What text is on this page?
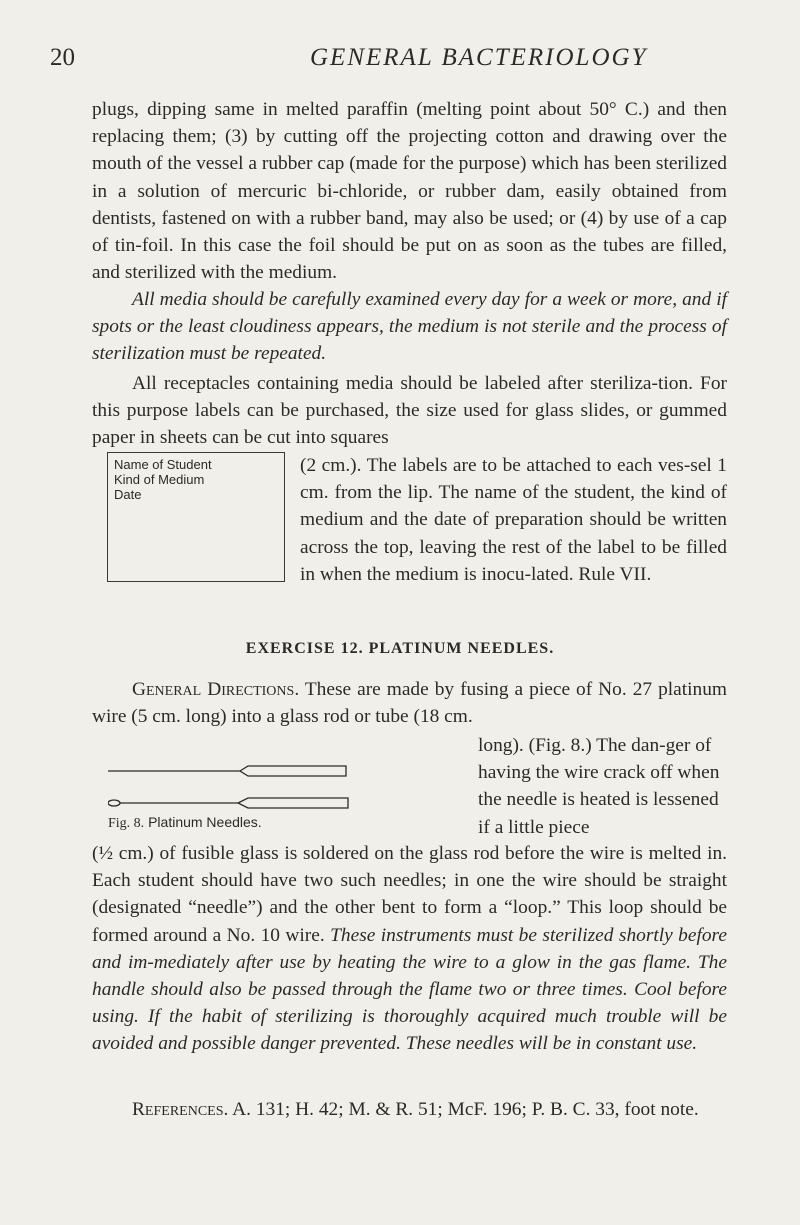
20	GENERAL BACTERIOLOGY

plugs, dipping same in melted paraffin (melting point about 50° C.) and then replacing them; (3) by cutting off the projecting cotton and drawing over the mouth of the vessel a rubber cap (made for the purpose) which has been sterilized in a solution of mercuric bi-chloride, or rubber dam, easily obtained from dentists, fastened on with a rubber band, may also be used; or (4) by use of a cap of tin-foil. In this case the foil should be put on as soon as the tubes are filled, and sterilized with the medium.

All media should be carefully examined every day for a week or more, and if spots or the least cloudiness appears, the medium is not sterile and the process of sterilization must be repeated.

All receptacles containing media should be labeled after steriliza-tion. For this purpose labels can be purchased, the size used for glass slides, or gummed paper in sheets can be cut into squares

Name of Student
Kind of Medium
Date

(2 cm.). The labels are to be attached to each ves-sel 1 cm. from the lip. The name of the student, the kind of medium and the date of preparation should be written across the top, leaving the rest of the label to be filled in when the medium is inocu-lated. Rule VII.

EXERCISE 12. PLATINUM NEEDLES.

General Directions. These are made by fusing a piece of No. 27 platinum wire (5 cm. long) into a glass rod or tube (18 cm.

long). (Fig. 8.) The dan-ger of having the wire crack off when the needle is heated is lessened if a little piece

Fig. 8. Platinum Needles.

(½ cm.) of fusible glass is soldered on the glass rod before the wire is melted in. Each student should have two such needles; in one the wire should be straight (designated “needle”) and the other bent to form a “loop.” This loop should be formed around a No. 10 wire. These instruments must be sterilized shortly before and im-mediately after use by heating the wire to a glow in the gas flame. The handle should also be passed through the flame two or three times. Cool before using. If the habit of sterilizing is thoroughly acquired much trouble will be avoided and possible danger prevented. These needles will be in constant use.

References. A. 131; H. 42; M. & R. 51; McF. 196; P. B. C. 33, foot note.
